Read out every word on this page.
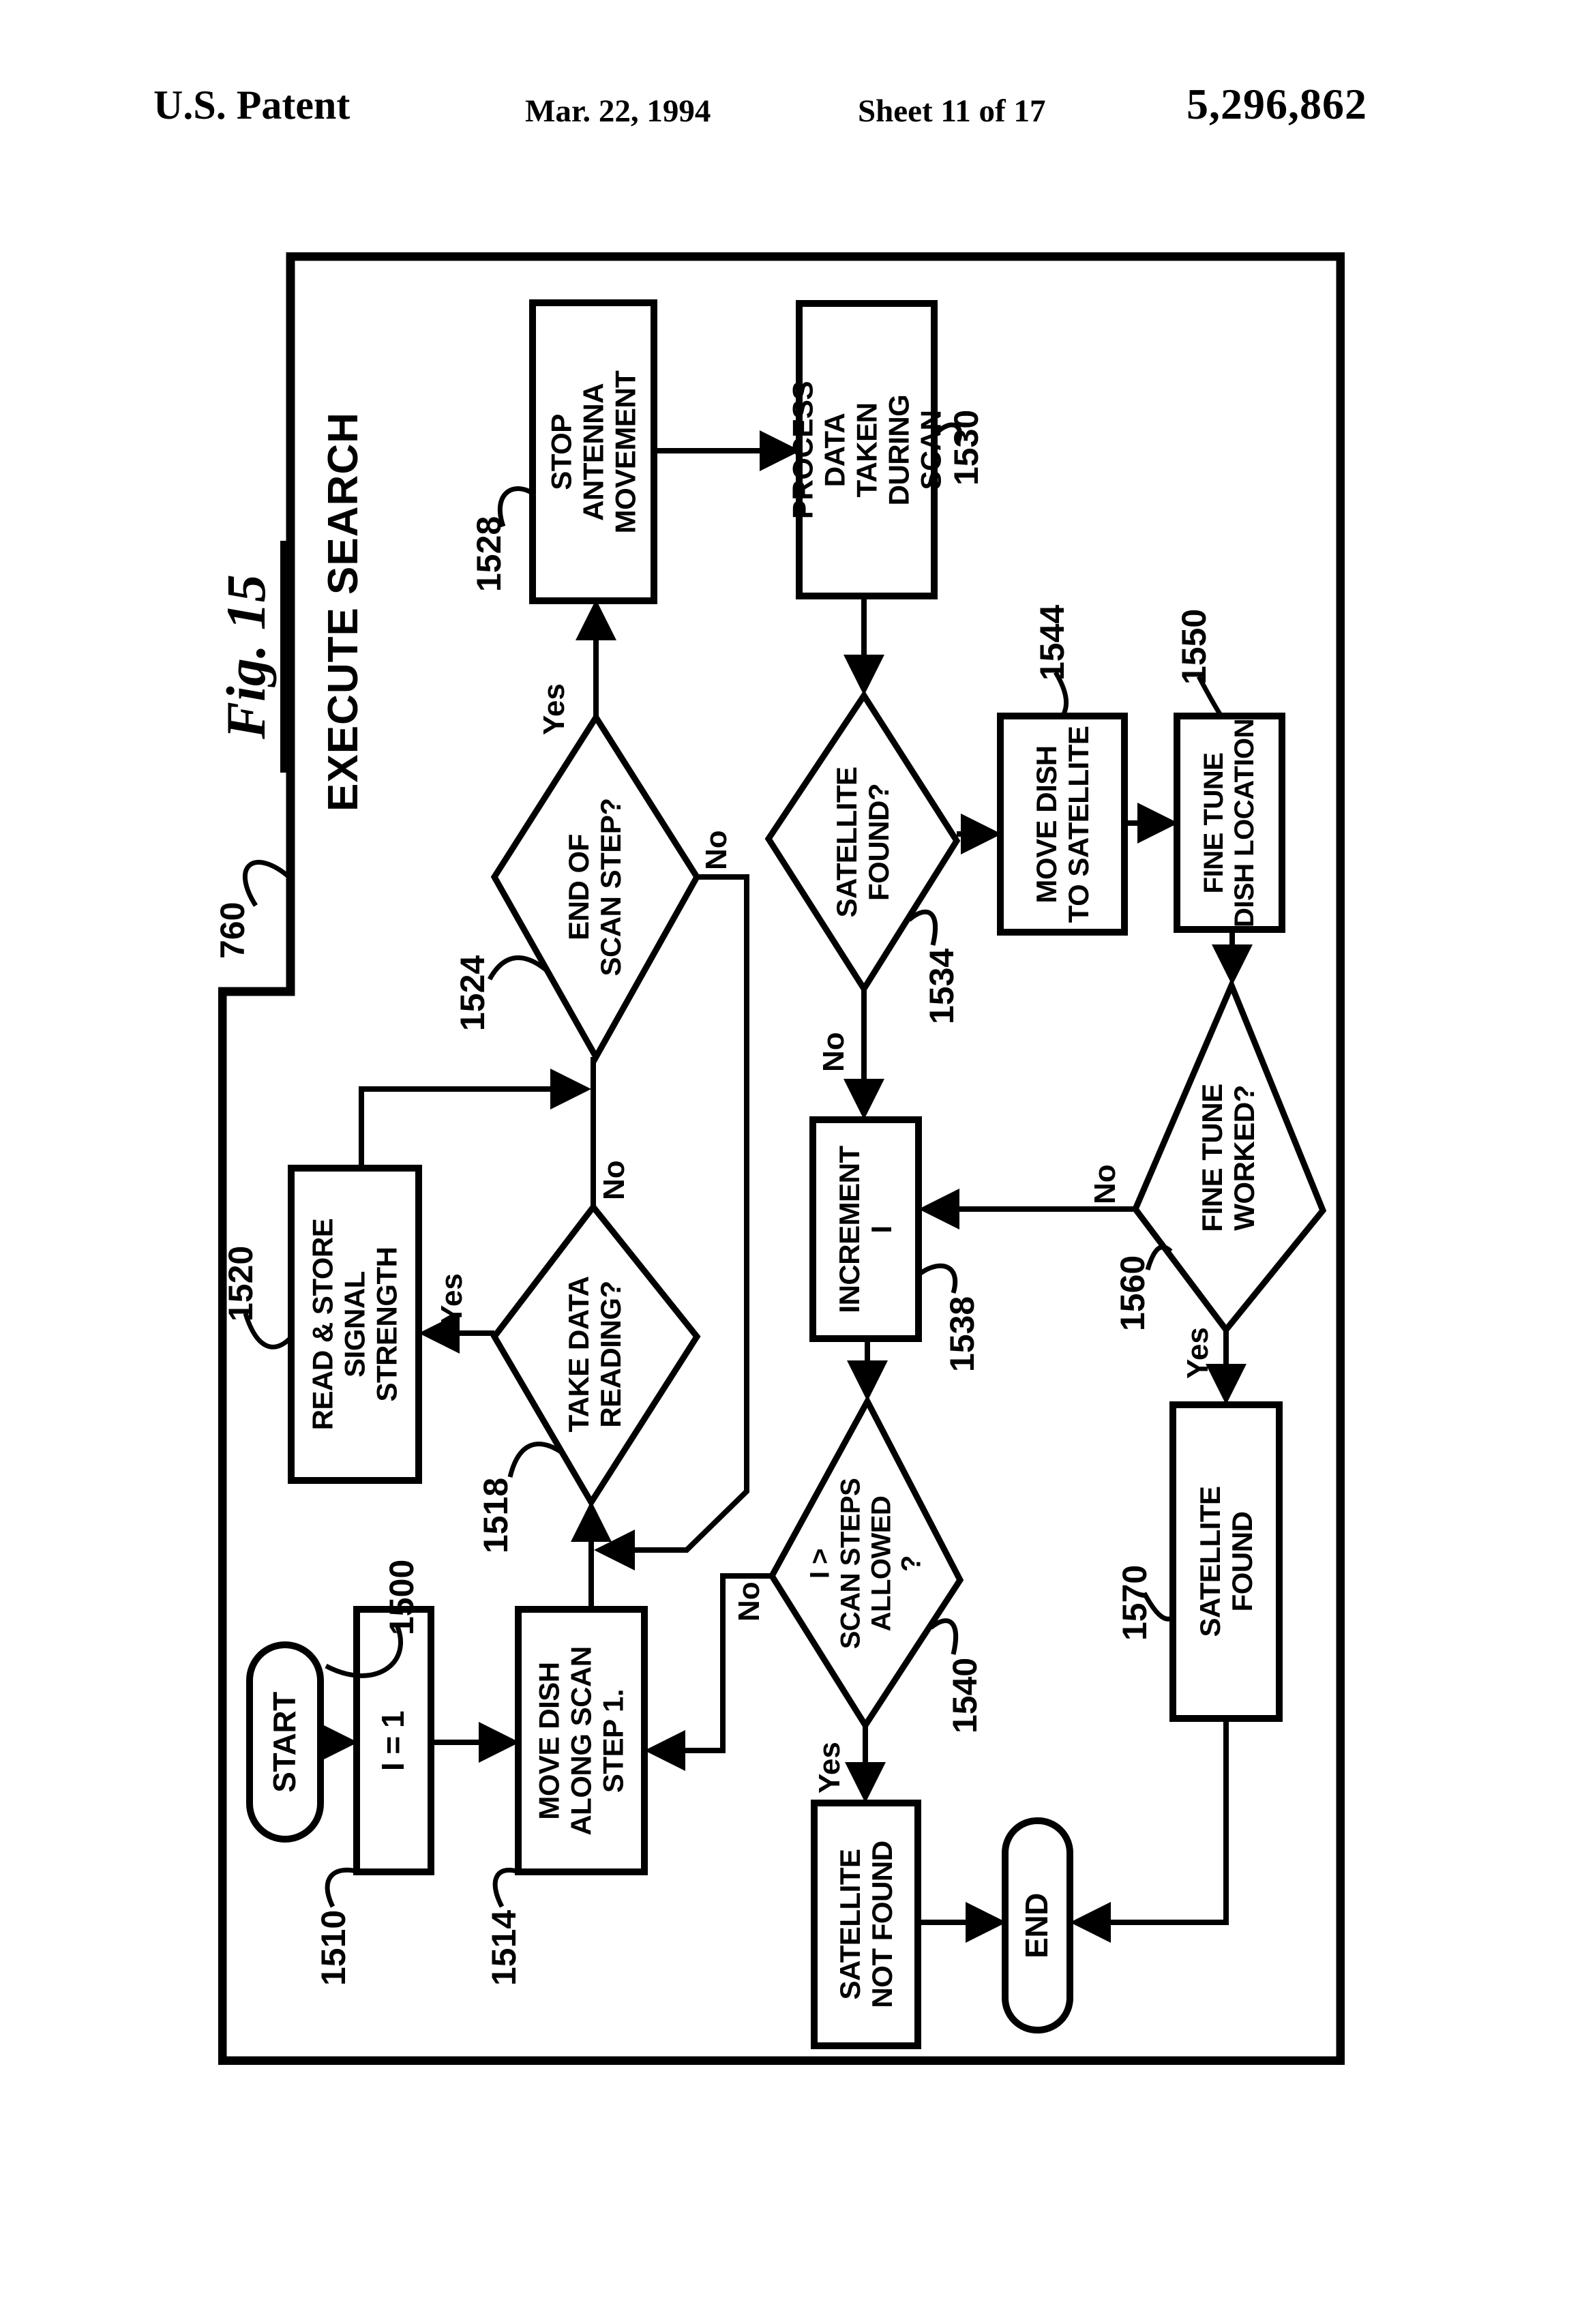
U.S. Patent	Mar. 22, 1994	Sheet 11 of 17	5,296,862
Fig. 15 EXECUTE SEARCH
760
START I = 1	MOVE DISH
ALONG SCAN
STEP 1.
TAKE DATA
READING?
READ & STORE
SIGNAL
STRENGTH
END OF
SCAN STEP?
STOP ANTENNA
MOVEMENT	PROCESS DATA
TAKEN DURING
SCAN
SATELLITE
FOUND?
INCREMENT
I
I >
SCAN STEPS
ALLOWED
?
MOVE DISH
TO SATELLITE	FINE TUNE
DISH LOCATION
FINE TUNE
WORKED?
SATELLITE
FOUND
SATELLITE
NOT FOUND	END
1500
1510	1514
1518
1520
1524
1528
1530
1534
1538
1540
1544	1550
1560
1570
Yes
No
Yes
No
No
No
Yes
No
Yes
